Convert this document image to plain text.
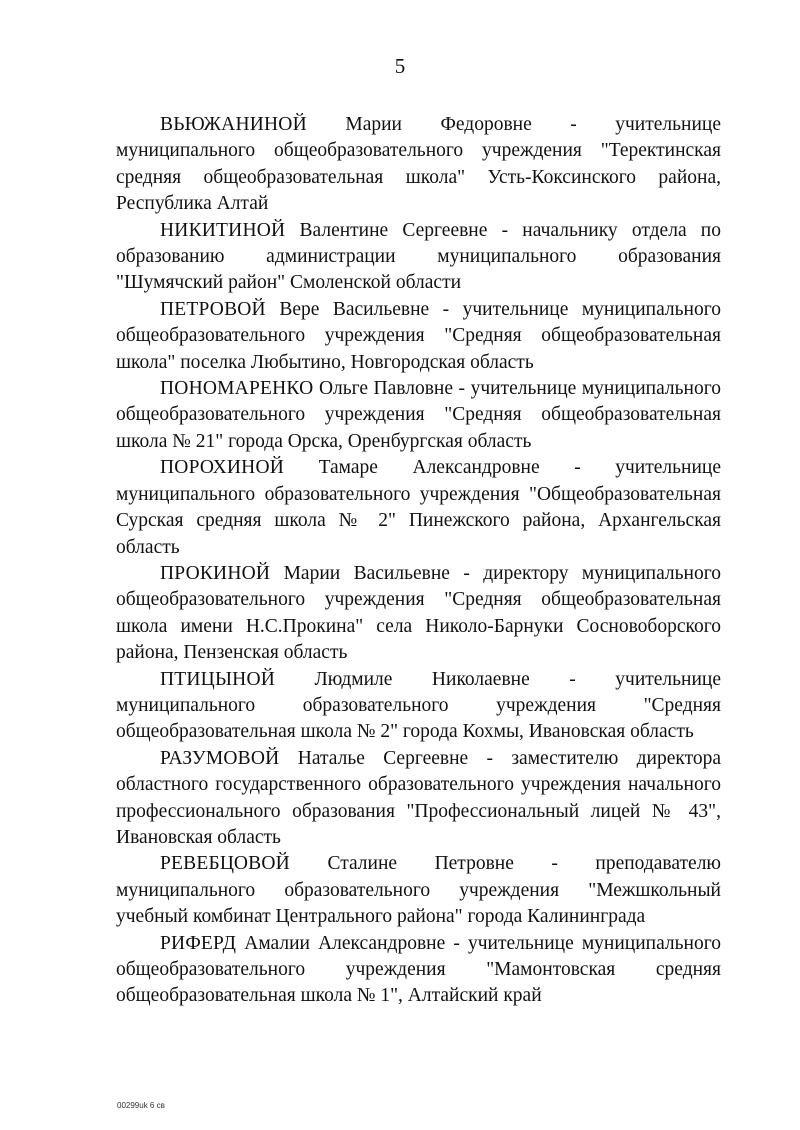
5

ВЬЮЖАНИНОЙ Марии Федоровне - учительнице муниципального общеобразовательного учреждения "Теректинская средняя общеобразовательная школа" Усть-Коксинского района, Республика Алтай

НИКИТИНОЙ Валентине Сергеевне - начальнику отдела по образованию администрации муниципального образования "Шумячский район" Смоленской области

ПЕТРОВОЙ Вере Васильевне - учительнице муниципального общеобразовательного учреждения "Средняя общеобразовательная школа" поселка Любытино, Новгородская область

ПОНОМАРЕНКО Ольге Павловне - учительнице муниципального общеобразовательного учреждения "Средняя общеобразовательная школа № 21" города Орска, Оренбургская область

ПОРОХИНОЙ Тамаре Александровне - учительнице муниципального образовательного учреждения "Общеобразовательная Сурская средняя школа № 2" Пинежского района, Архангельская область

ПРОКИНОЙ Марии Васильевне - директору муниципального общеобразовательного учреждения "Средняя общеобразовательная школа имени Н.С.Прокина" села Николо-Барнуки Сосновоборского района, Пензенская область

ПТИЦЫНОЙ Людмиле Николаевне - учительнице муниципального образовательного учреждения "Средняя общеобразовательная школа № 2" города Кохмы, Ивановская область

РАЗУМОВОЙ Наталье Сергеевне - заместителю директора областного государственного образовательного учреждения начального профессионального образования "Профессиональный лицей № 43", Ивановская область

РЕВЕБЦОВОЙ Сталине Петровне - преподавателю муниципального образовательного учреждения "Межшкольный учебный комбинат Центрального района" города Калининграда

РИФЕРД Амалии Александровне - учительнице муниципального общеобразовательного учреждения "Мамонтовская средняя общеобразовательная школа № 1", Алтайский край

00299uk 6 св
